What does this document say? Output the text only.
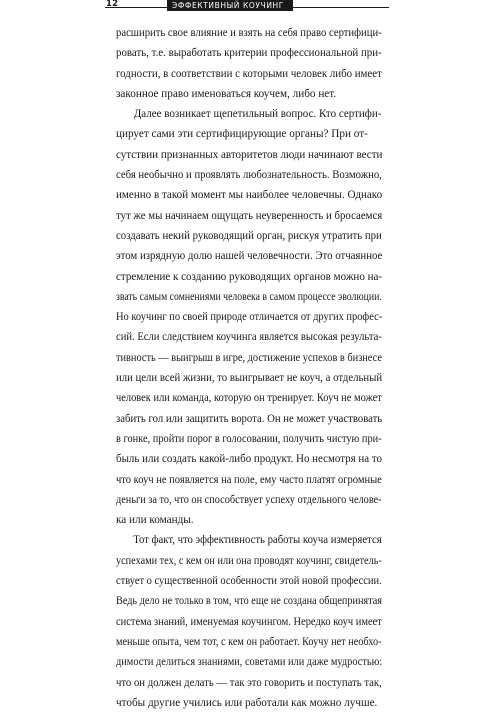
12	ЭФФЕКТИВНЫЙ КОУЧИНГ
расширить свое влияние и взять на себя право сертифици-
ровать, т.е. выработать критерии профессиональной при-
годности, в соответствии с которыми человек либо имеет
законное право именоваться коучем, либо нет.
Далее возникает щепетильный вопрос. Кто сертифи-
цирует сами эти сертифицирующие органы? При от-
сутствии признанных авторитетов люди начинают вести
себя необычно и проявлять любознательность. Возможно,
именно в такой момент мы наиболее человечны. Однако
тут же мы начинаем ощущать неуверенность и бросаемся
создавать некий руководящий орган, рискуя утратить при
этом изрядную долю нашей человечности. Это отчаянное
стремление к созданию руководящих органов можно на-
звать самым сомнениями человека в самом процессе эволюции.
Но коучинг по своей природе отличается от других профес-
сий. Если следствием коучинга является высокая результа-
тивность — выигрыш в игре, достижение успехов в бизнесе
или цели всей жизни, то выигрывает не коуч, а отдельный
человек или команда, которую он тренирует. Коуч не может
забить гол или защитить ворота. Он не может участвовать
в гонке, пройти порог в голосовании, получить чистую при-
быль или создать какой-либо продукт. Но несмотря на то
что коуч не появляется на поле, ему часто платят огромные
деньги за то, что он способствует успеху отдельного челове-
ка или команды.
Тот факт, что эффективность работы коуча измеряется
успехами тех, с кем он или она проводят коучинг, свидетель-
ствует о существенной особенности этой новой профессии.
Ведь дело не только в том, что еще не создана общепринятая
система знаний, именуемая коучингом. Нередко коуч имеет
меньше опыта, чем тот, с кем он работает. Коучу нет необхо-
димости делиться знаниями, советами или даже мудростью:
что он должен делать — так это говорить и поступать так,
чтобы другие учились или работали как можно лучше.
